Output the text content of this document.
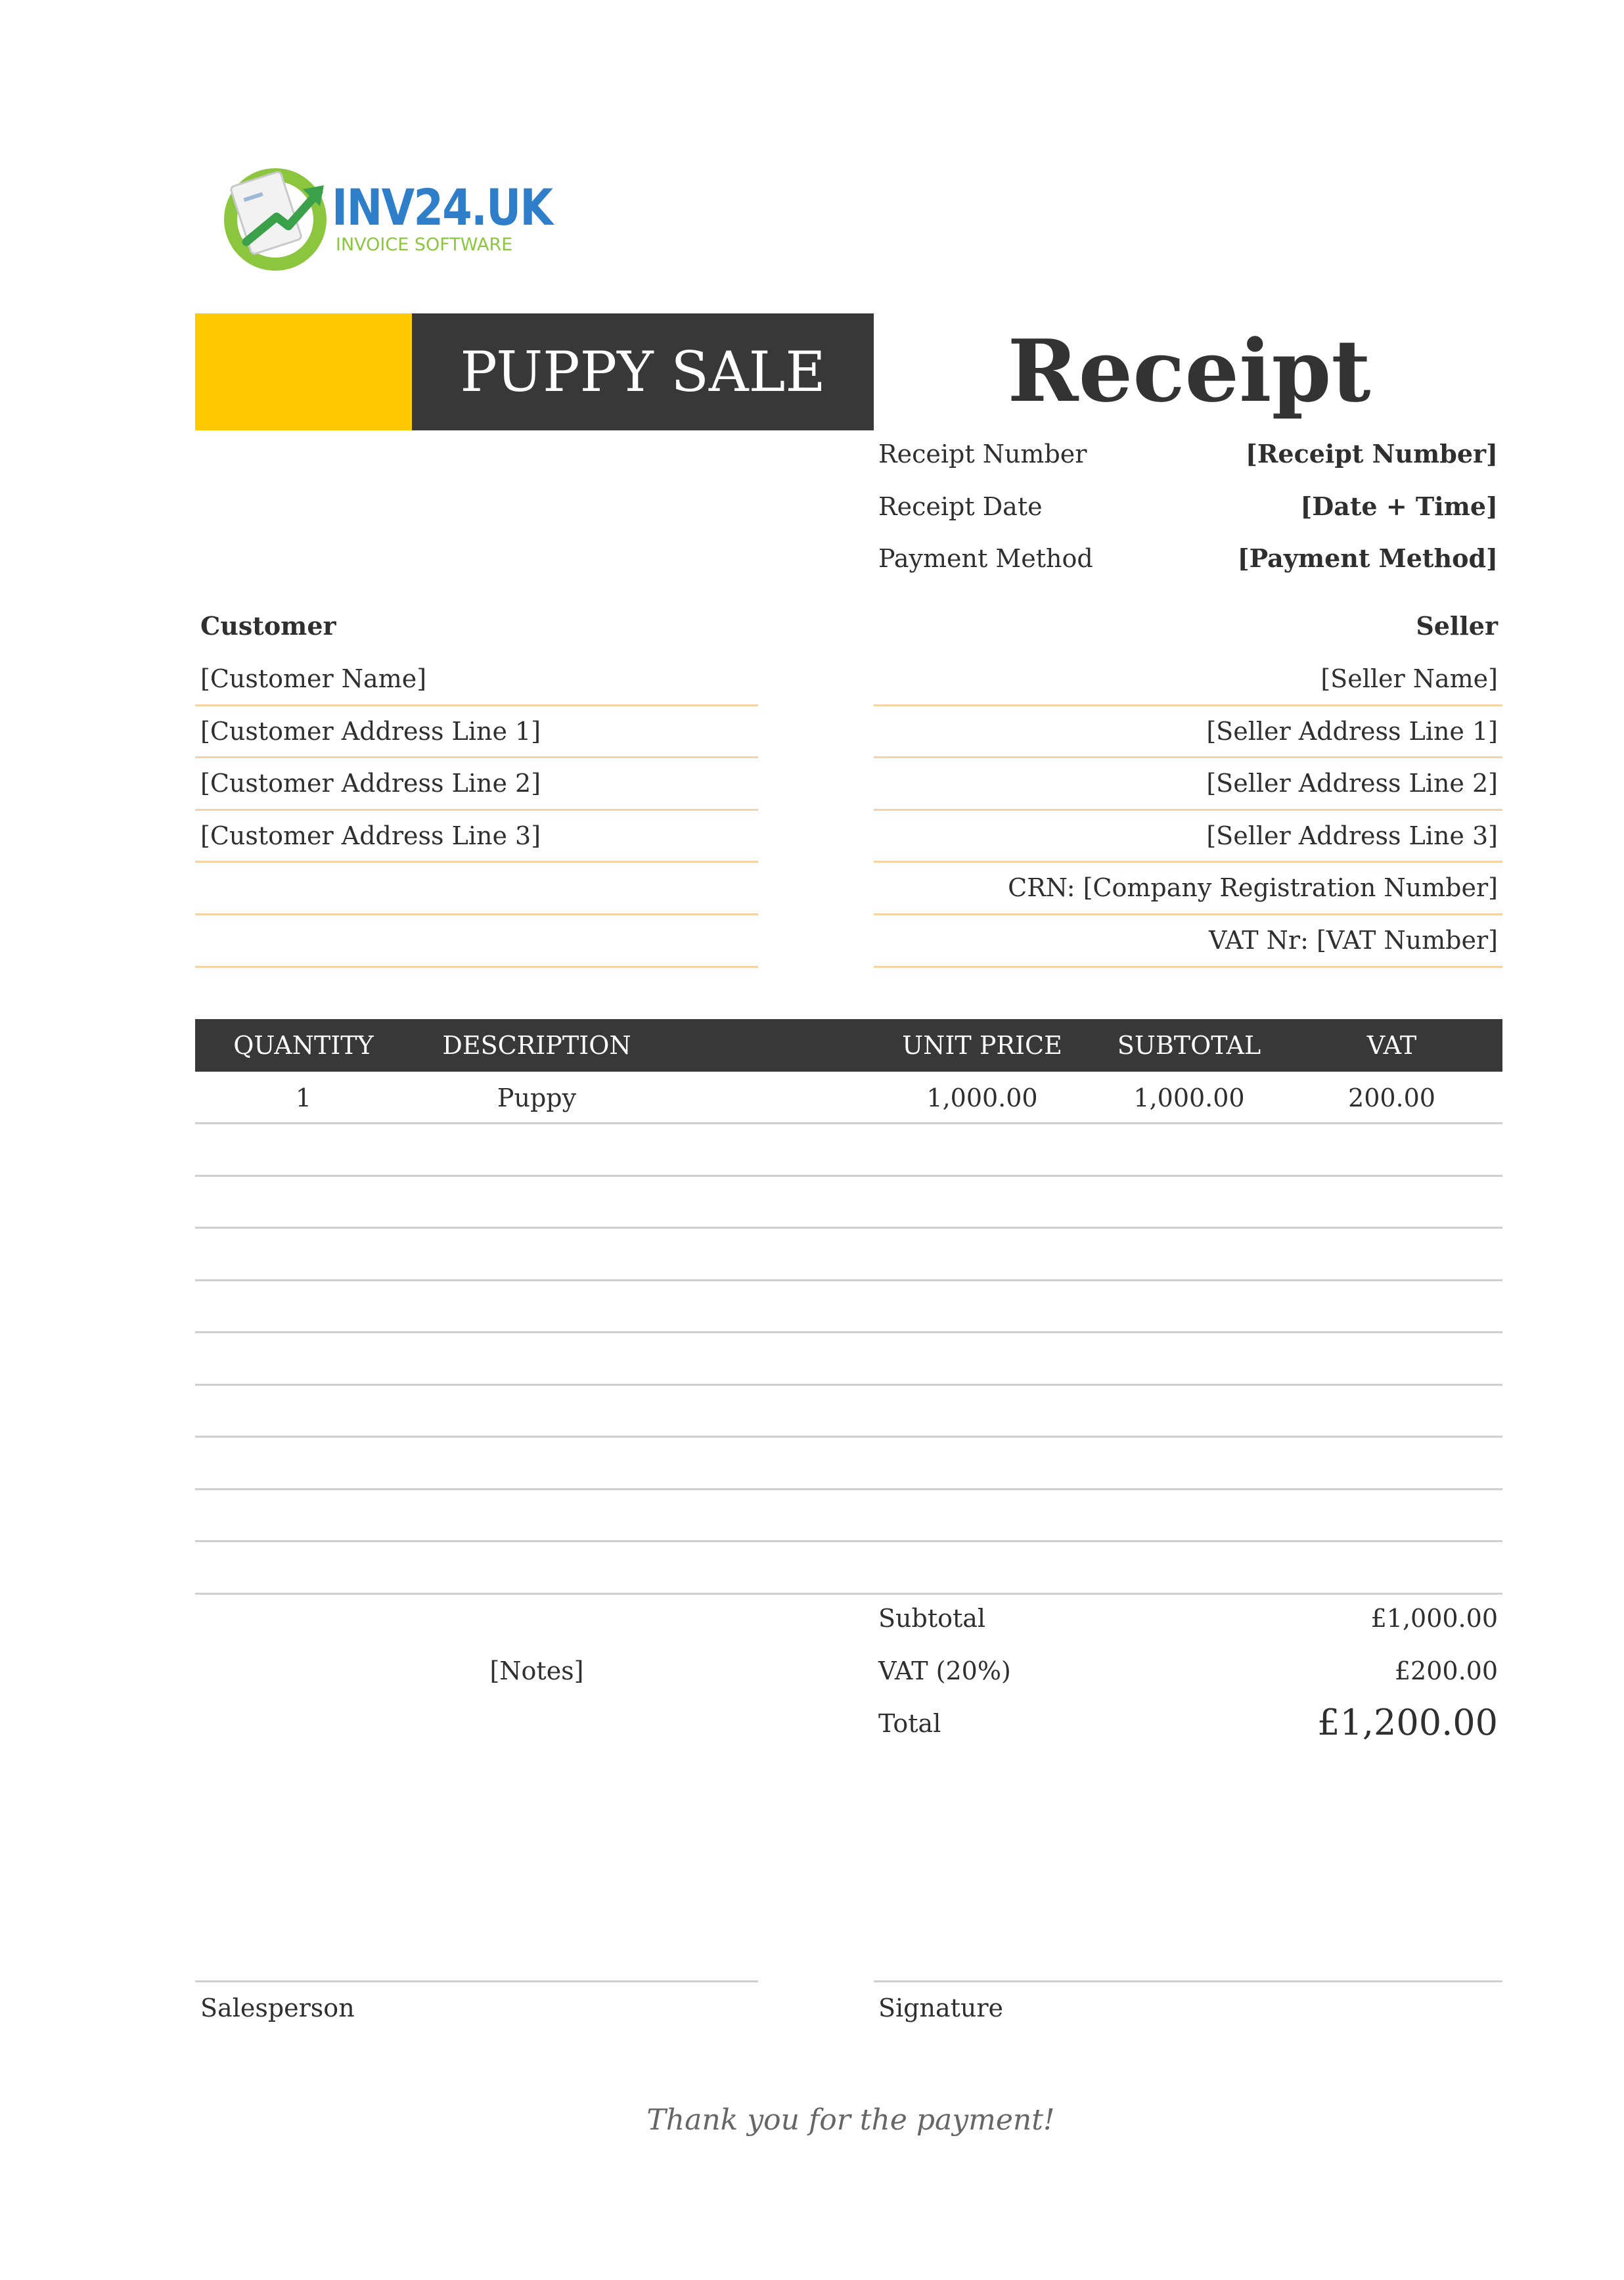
INV24.UK
INVOICE SOFTWARE
PUPPY SALE	Receipt
Receipt Number	[Receipt Number]
Receipt Date	[Date + Time]
Payment Method	[Payment Method]
Customer
[Customer Name]
[Customer Address Line 1]
[Customer Address Line 2]
[Customer Address Line 3]
Seller
[Seller Name]
[Seller Address Line 1]
[Seller Address Line 2]
[Seller Address Line 3]
CRN: [Company Registration Number]
VAT Nr: [VAT Number]
QUANTITY	DESCRIPTION	UNIT PRICE	SUBTOTAL	VAT
1	Puppy	1,000.00	1,000.00	200.00
[Notes]
Subtotal	£1,000.00
VAT (20%)	£200.00
Total	£1,200.00
Salesperson	Signature
Thank you for the payment!
